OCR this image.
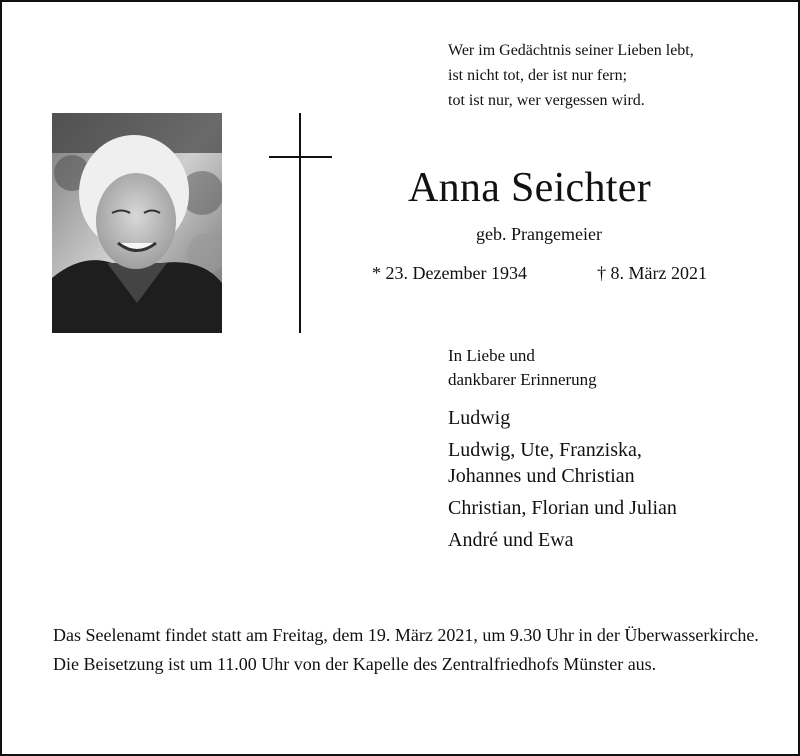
Wer im Gedächtnis seiner Lieben lebt,
ist nicht tot, der ist nur fern;
tot ist nur, wer vergessen wird.
Anna Seichter
geb. Prangemeier
* 23. Dezember 1934	† 8. März 2021
In Liebe und
dankbarer Erinnerung
Ludwig
Ludwig, Ute, Franziska,
Johannes und Christian
Christian, Florian und Julian
André und Ewa

Das Seelenamt findet statt am Freitag, dem 19. März 2021, um 9.30 Uhr in der Überwasserkirche.

Die Beisetzung ist um 11.00 Uhr von der Kapelle des Zentralfriedhofs Münster aus.
